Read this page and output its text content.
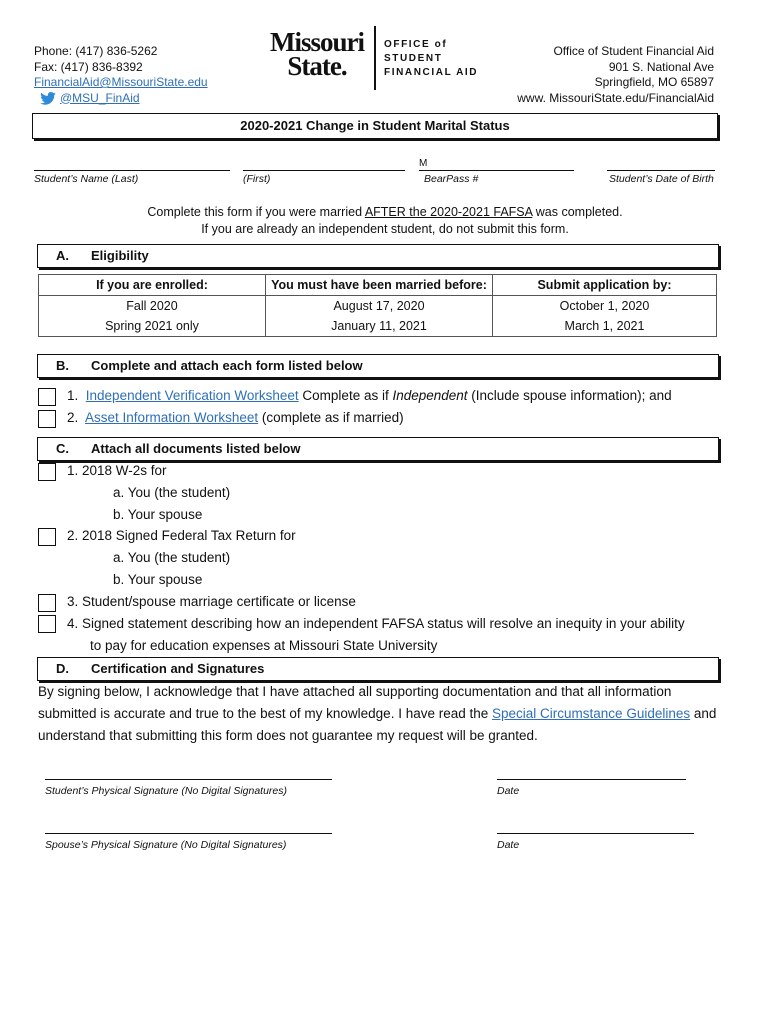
Phone: (417) 836-5262
Fax: (417) 836-8392
FinancialAid@MissouriState.edu
@MSU_FinAid
Missouri
State.
OFFICE of
STUDENT
FINANCIAL AID
Office of Student Financial Aid
901 S. National Ave
Springfield, MO 65897
www. MissouriState.edu/FinancialAid
2020-2021 Change in Student Marital Status
Student’s Name (Last)	(First)
M
BearPass #	Student’s Date of Birth
Complete this form if you were married AFTER the 2020-2021 FAFSA was completed.
If you are already an independent student, do not submit this form.
A. Eligibility
If you are enrolled:	You must have been married before:	Submit application by:
Fall 2020	August 17, 2020	October 1, 2020
Spring 2021 only	January 11, 2021	March 1, 2021
B. Complete and attach each form listed below
1. Independent Verification Worksheet Complete as if Independent (Include spouse information); and
2. Asset Information Worksheet (complete as if married)
C. Attach all documents listed below
1. 2018 W-2s for
a. You (the student)
b. Your spouse
2. 2018 Signed Federal Tax Return for
a. You (the student)
b. Your spouse
3. Student/spouse marriage certificate or license
4. Signed statement describing how an independent FAFSA status will resolve an inequity in your ability
to pay for education expenses at Missouri State University
D. Certification and Signatures
By signing below, I acknowledge that I have attached all supporting documentation and that all information submitted is accurate and true to the best of my knowledge. I have read the Special Circumstance Guidelines and understand that submitting this form does not guarantee my request will be granted.
Student’s Physical Signature (No Digital Signatures)	Date
Spouse’s Physical Signature (No Digital Signatures)	Date
